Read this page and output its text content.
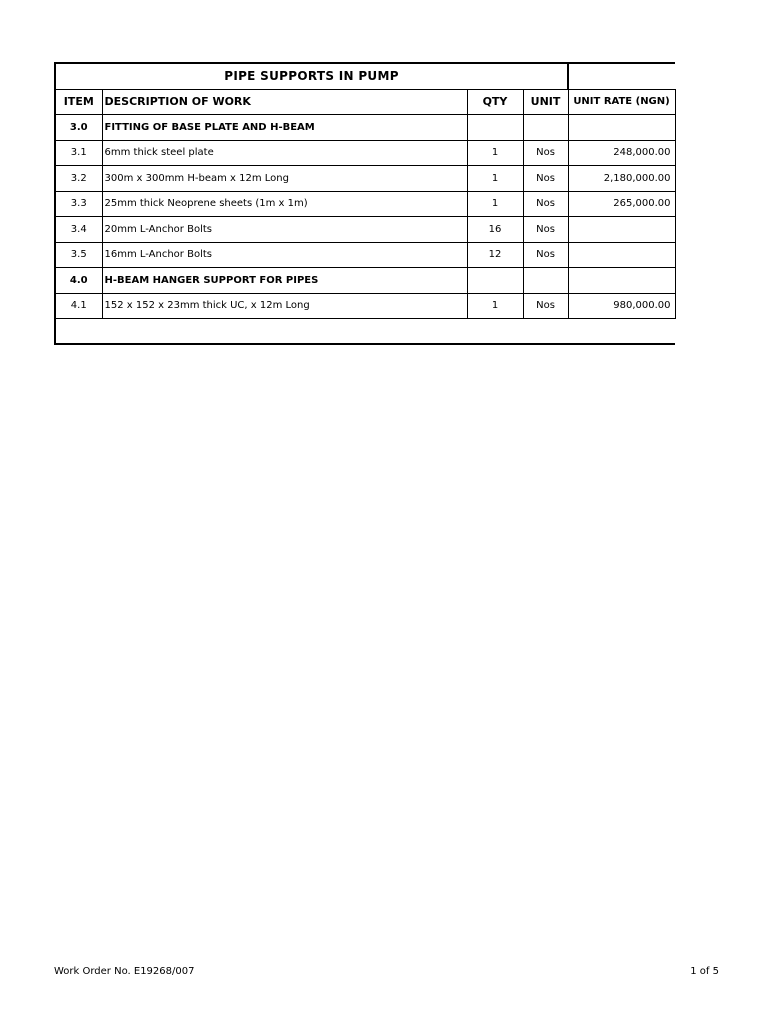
PIPE SUPPORTS IN PUMP				
ITEM	DESCRIPTION OF WORK	QTY	UNIT	UNIT RATE (NGN)
3.0	FITTING OF BASE PLATE AND H-BEAM			
3.1	6mm thick steel plate	1	Nos	248,000.00
3.2	300m x 300mm H-beam x 12m Long	1	Nos	2,180,000.00
3.3	25mm thick Neoprene sheets (1m x 1m)	1	Nos	265,000.00
3.4	20mm L-Anchor Bolts	16	Nos	
3.5	16mm L-Anchor Bolts	12	Nos	
4.0	H-BEAM HANGER SUPPORT FOR PIPES			
4.1	152 x 152 x 23mm thick UC, x 12m Long	1	Nos	980,000.00

Work Order No. E19268/007	1 of 5
